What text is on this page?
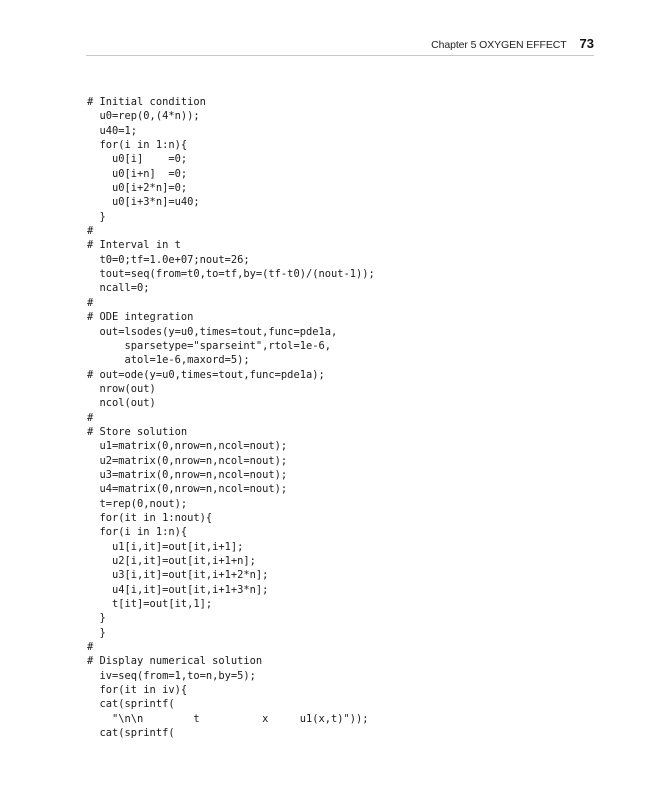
Chapter 5 OXYGEN EFFECT 73
# Initial condition
u0=rep(0,(4*n));
u40=1;
for(i in 1:n){
u0[i]    =0;
u0[i+n]  =0;
u0[i+2*n]=0;
u0[i+3*n]=u40;
}
#
# Interval in t
t0=0;tf=1.0e+07;nout=26;
tout=seq(from=t0,to=tf,by=(tf-t0)/(nout-1));
ncall=0;
#
# ODE integration
out=lsodes(y=u0,times=tout,func=pde1a,
sparsetype="sparseint",rtol=1e-6,
atol=1e-6,maxord=5);
# out=ode(y=u0,times=tout,func=pde1a);
nrow(out)
ncol(out)
#
# Store solution
u1=matrix(0,nrow=n,ncol=nout);
u2=matrix(0,nrow=n,ncol=nout);
u3=matrix(0,nrow=n,ncol=nout);
u4=matrix(0,nrow=n,ncol=nout);
t=rep(0,nout);
for(it in 1:nout){
for(i in 1:n){
u1[i,it]=out[it,i+1];
u2[i,it]=out[it,i+1+n];
u3[i,it]=out[it,i+1+2*n];
u4[i,it]=out[it,i+1+3*n];
t[it]=out[it,1];
}
}
#
# Display numerical solution
iv=seq(from=1,to=n,by=5);
for(it in iv){
cat(sprintf(
"\n\n        t          x     u1(x,t)"));
cat(sprintf(
